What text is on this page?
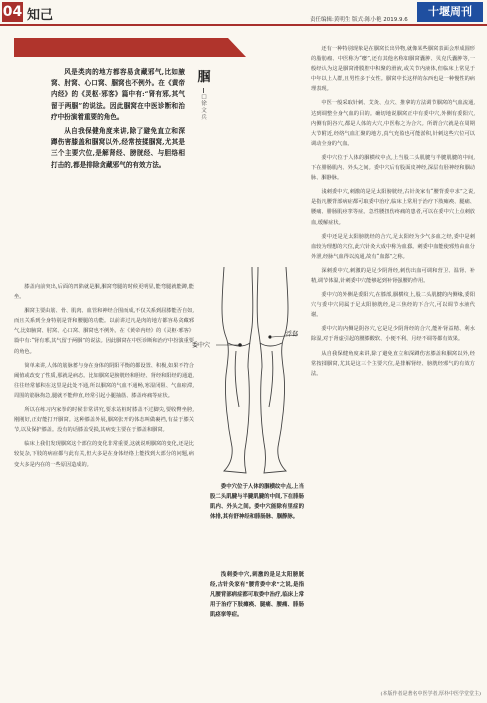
04 知己	责任编辑:黄明生 版式:陈小艳 2019.9.6
十堰周刊

风是类肉的地方都容易贪藏邪气,比如腋窝、肘窝、心口窝、腘窝也不例外。在《黄帝内经》的《灵枢·邪客》篇中有:“肾有邪,其气留于两腘”的说法。因此腘窝在中医诊断和治疗中扮演着重要的角色。

从自我保健角度来讲,除了避免直立和深蹲伤害膝盖和腘窝以外,经常按揉腘窝,尤其是三个主要穴位,是解肾经、膀胱经、与胆络相打击的,都是排除贪藏邪气的有效方法。

腘
□徐文兵

膝盖向前突出,后面的凹陷就是腘,腘窝弯腿的时候更明显,能弯腿就能蹲,能坐。

腘窝主要由筋、骨、肌肉、血管和神经合围而成,不仅关系到屈膝能否自如,而且关系到全身特别是背和腰腿的功能。以前讲过凡是肉的地方都容易贪藏邪气,比如腋窝、肘窝、心口窝、腘窝也不例外。在《黄帝内经》的《灵枢·邪客》篇中有:“肾有邪,其气留于两腘”的说法。因此腘窝在中医诊断和治疗中扮演重要的角色。

简单来讲,人体的筋脉蓄与身在身体的阴阳平衡的都设置、积极,如果不符合阈值或改变了性质,那就是病态。比如腘窝是膀胱经和胆经、肾经和阳经的通道,往往经常郁积在这里是此处不通,所以腘窝的气血不通畅,寒湿闭阻、气血瘀滞,周围的筋脉拘急,腿就不能伸直,经常引起小腿抽筋、膝盖疼痛等症状。

所以在练习内家拳的时候非常讲究,要求站桩时膝盖不过脚尖,要收臀坐胯,刚刚好,正好能打开腘窝。这种膝盖外展,腘窝张开的体态叫做裹裆,有益于膝关节,以及保护膝盖。没有的话膝盖受损,其病变主要在于膝盖和腘窝。

临床上我们发现腘窝这个部位的变化非常重要,这就说明腘窝的变化,还是比较复杂,下肢的病症都与此有关,但大多是在身体经络上能找到大部分的问题,病变大多是内在的一些原因造成的。

委中穴
浮郄

委中穴位于人体的腘横纹中点,上当股二头肌腱与半腱肌腱的中间,下在腓肠肌内、外头之间。委中穴能除有里症的体排,其有舒神经和腓肠脉、腘静脉。

浅刺委中穴,刺激的是足太阳膀胱经,古针灸家有“腰背委中求”之说,是指凡腰背部病症都可取委中治疗,临床上常用于治疗下肢瘫痪、腿痛、腰痛、腓肠肌痉挛等症。

还有一种特别现象是在腘窝长出异物,就像某些腘窝表面会形成圆形的脂肪瘤、中医称为“瘿”,还有其他名称如腘窝囊肿、贝克氏囊肿等,一般经认为这是腘窝滑膜腔中积聚的滑液,或关节内液体,但临床上常见于中年以上人群,且男性多于女性。腘窝中长这样的东西也是一种慢性的病理表现。

中医一般采取针刺、艾灸、点穴、推拿的方法调节腘窝的气血流通,达到调整全身气血的目的。确切地说腘窝正中有委中穴,外侧有委阳穴,内侧有阴谷穴,都是人体的大穴,中医称之为合穴。所谓合穴就是在周期大节附近,经络气血汇聚的地方,真气充盈也可能淤积,针刺这些穴位可以调动全身的气血。

委中穴位于人体的腘横纹中点,上当股二头肌腱与半腱肌腱的中间,下在腓肠肌内、外头之间。委中穴后有股面皮神经,深层有胫神经和腘动脉、腘静脉。

浅刺委中穴,刺激的是足太阳膀胱经,古针灸家有“腰背委中求”之说,是指凡腰背部病症都可取委中治疗,临床上常用于治疗下肢瘫痪、腿痛、腰痛、腓肠肌痉挛等症。急性腰扭伤疼痛的患者,可以在委中穴上点刺放血,缓解症状。

委中还是足太阳膀胱经的合穴,足太阳经为少气多血之经,委中是刺血较为理想的穴位,此穴针灸大成中称为血郄。刺委中血能使邪热由血分外泄,经脉气血得以流通,故有“血郄”之称。

深刺委中穴,刺激的是足少阴肾经,刺伤出血可调和营卫、温肾、补精,调节体温,针刺委中穴能够起到补肾强腰的作用。

委中穴的外侧是委阳穴,在膝部,腘横纹上,股二头肌腱的内侧缘,委阳穴与委中穴同属于足太阳膀胱经,是三焦经的下合穴,可以调节水液代谢。

委中穴的内侧是阴谷穴,它是足少阴肾经的合穴,能补肾益精、利水除湿,对于肾虚引起的腰膝酸软、小便不利、月经不调等都有效果。

从自我保健角度来讲,除了避免直立和深蹲伤害膝盖和腘窝以外,经常按揉腘窝,尤其是这三个主要穴位,是排解肾经、膀胱经邪气的有效方法。

(本版作者是著名中医学者,厚朴中医学堂堂主)
